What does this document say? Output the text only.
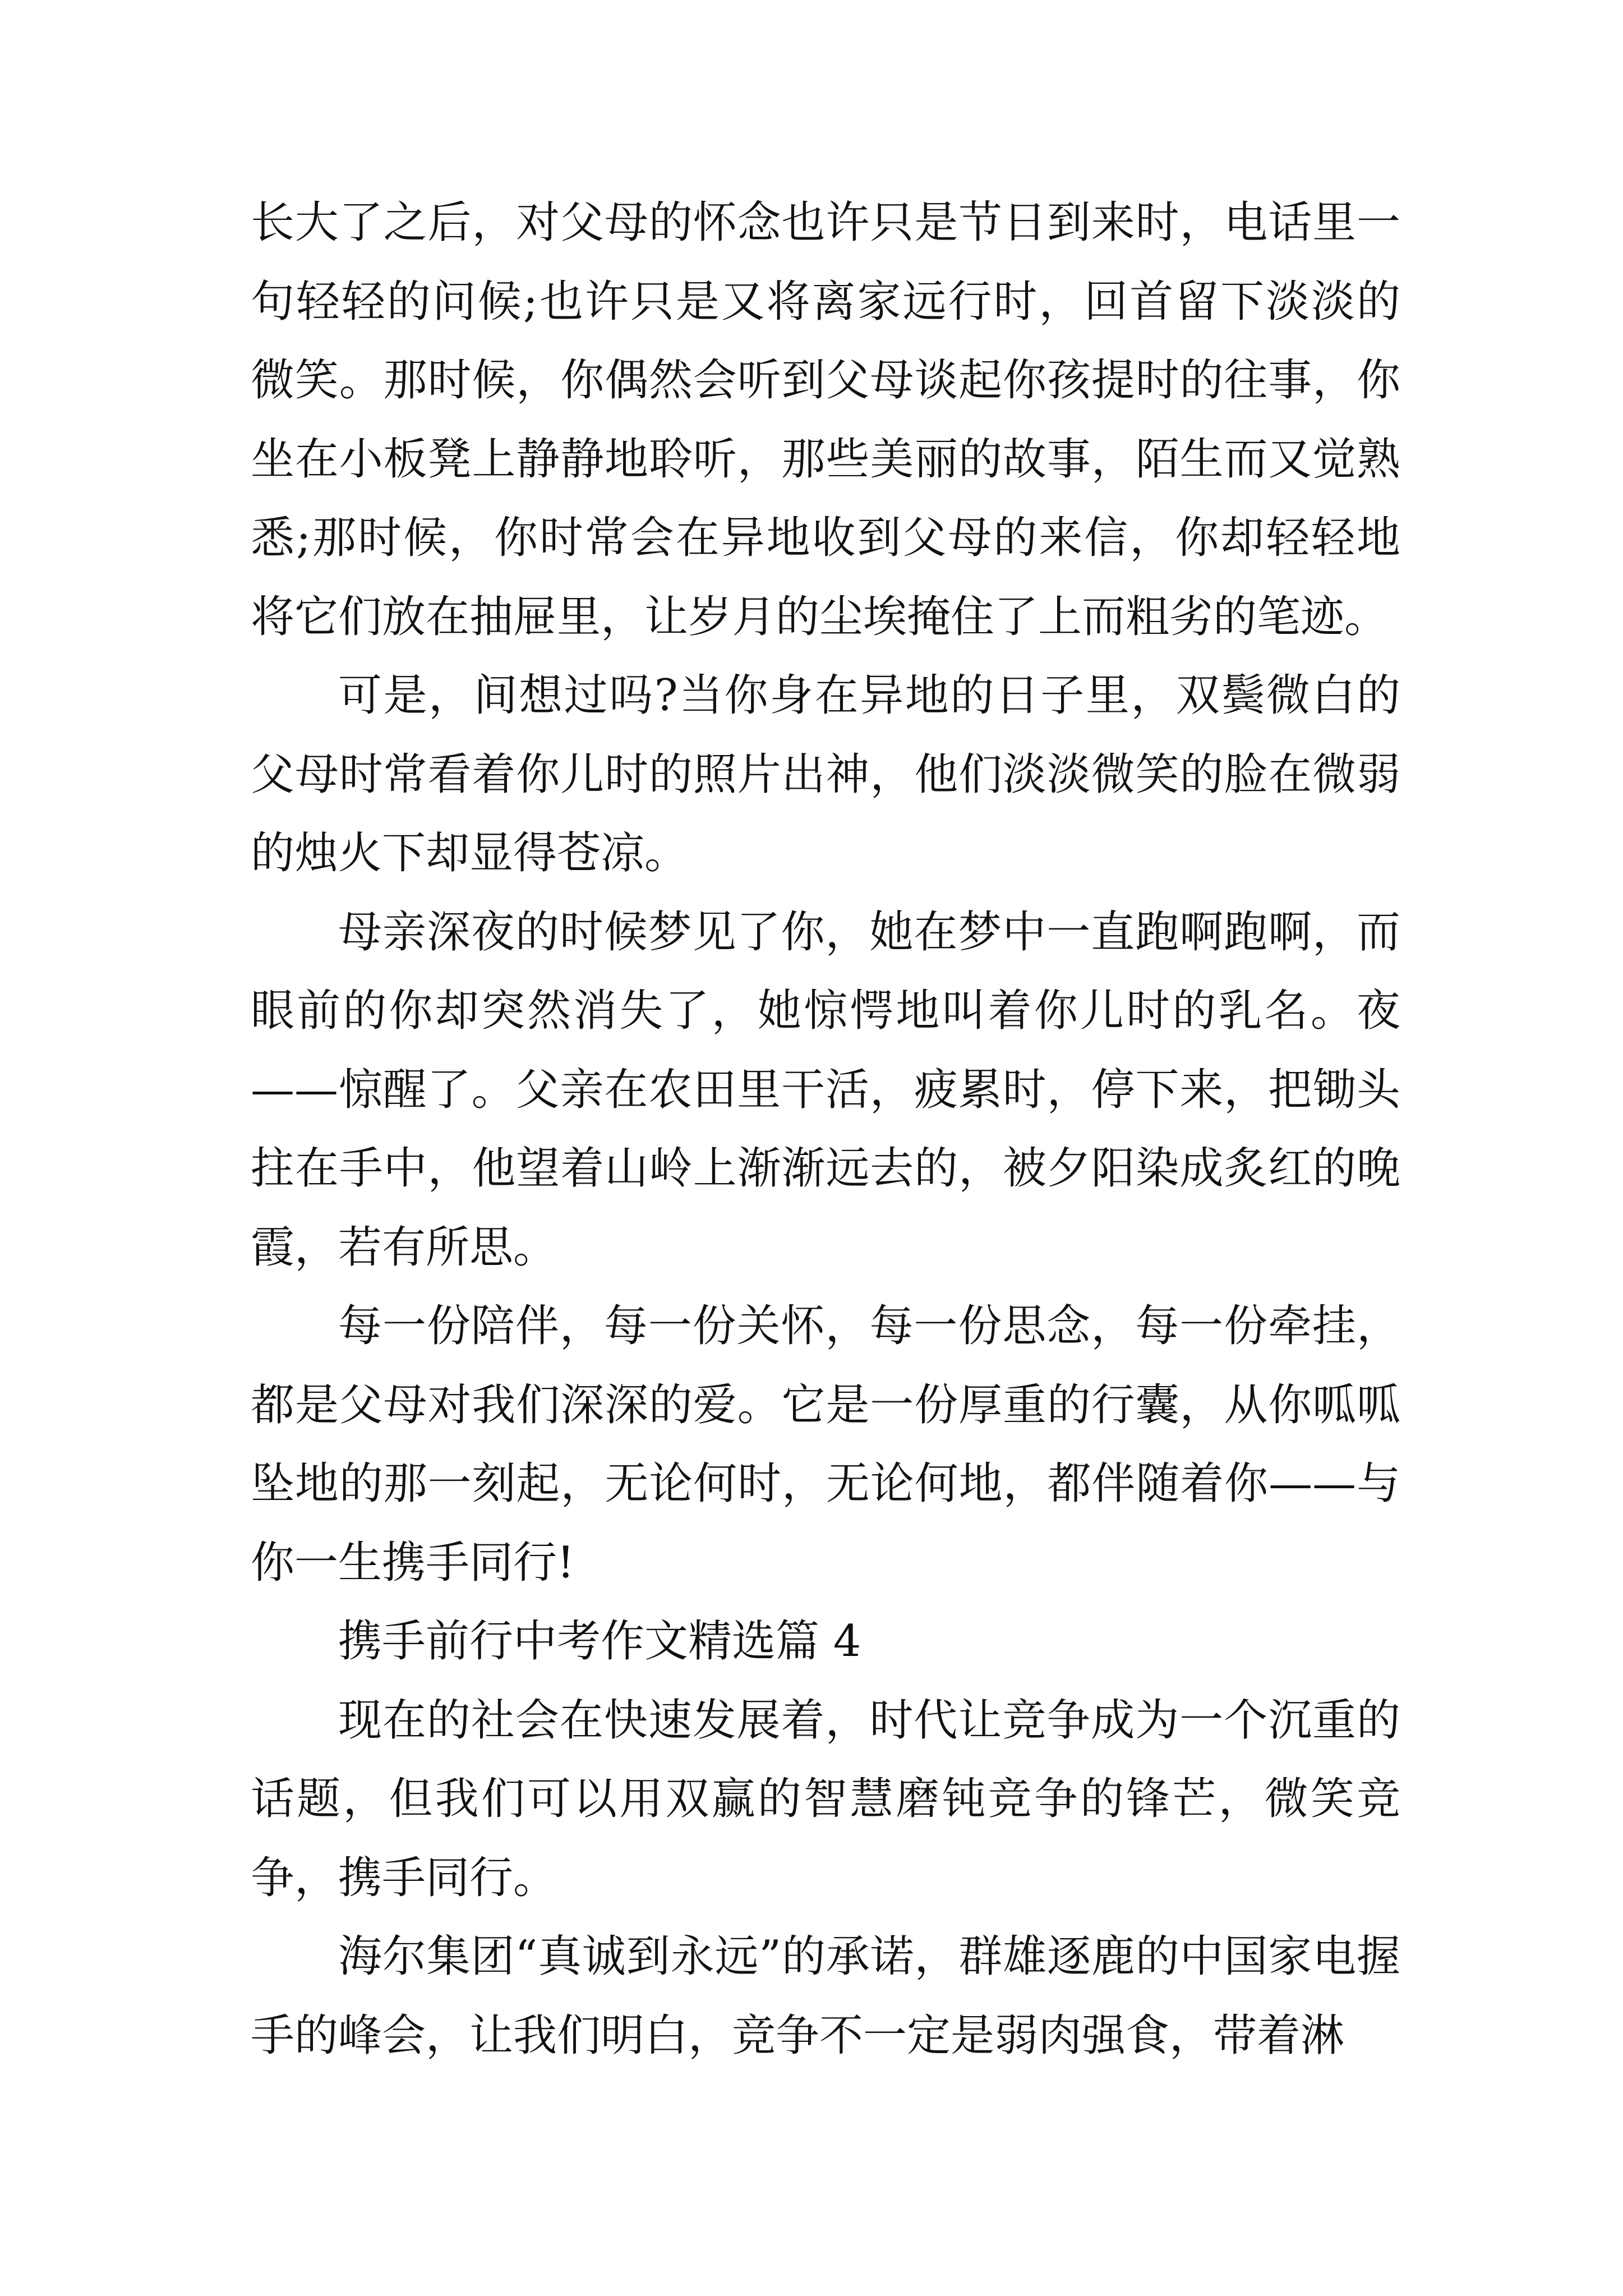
长大了之后，对父母的怀念也许只是节日到来时，电话里一句轻轻的问候;也许只是又将离家远行时，回首留下淡淡的微笑。那时候，你偶然会听到父母谈起你孩提时的往事，你坐在小板凳上静静地聆听，那些美丽的故事，陌生而又觉熟悉;那时候，你时常会在异地收到父母的来信，你却轻轻地将它们放在抽屉里，让岁月的尘埃掩住了上而粗劣的笔迹。

可是，间想过吗?当你身在异地的日子里，双鬓微白的父母时常看着你儿时的照片出神，他们淡淡微笑的脸在微弱的烛火下却显得苍凉。

母亲深夜的时候梦见了你，她在梦中一直跑啊跑啊，而眼前的你却突然消失了，她惊愕地叫着你儿时的乳名。夜——惊醒了。父亲在农田里干活，疲累时，停下来，把锄头拄在手中，他望着山岭上渐渐远去的，被夕阳染成炙红的晚霞，若有所思。

每一份陪伴，每一份关怀，每一份思念，每一份牵挂，都是父母对我们深深的爱。它是一份厚重的行囊，从你呱呱坠地的那一刻起，无论何时，无论何地，都伴随着你——与你一生携手同行!

携手前行中考作文精选篇 4

现在的社会在快速发展着，时代让竞争成为一个沉重的话题，但我们可以用双赢的智慧磨钝竞争的锋芒，微笑竞争，携手同行。

海尔集团“真诚到永远”的承诺，群雄逐鹿的中国家电握手的峰会，让我们明白，竞争不一定是弱肉强食，带着淋
